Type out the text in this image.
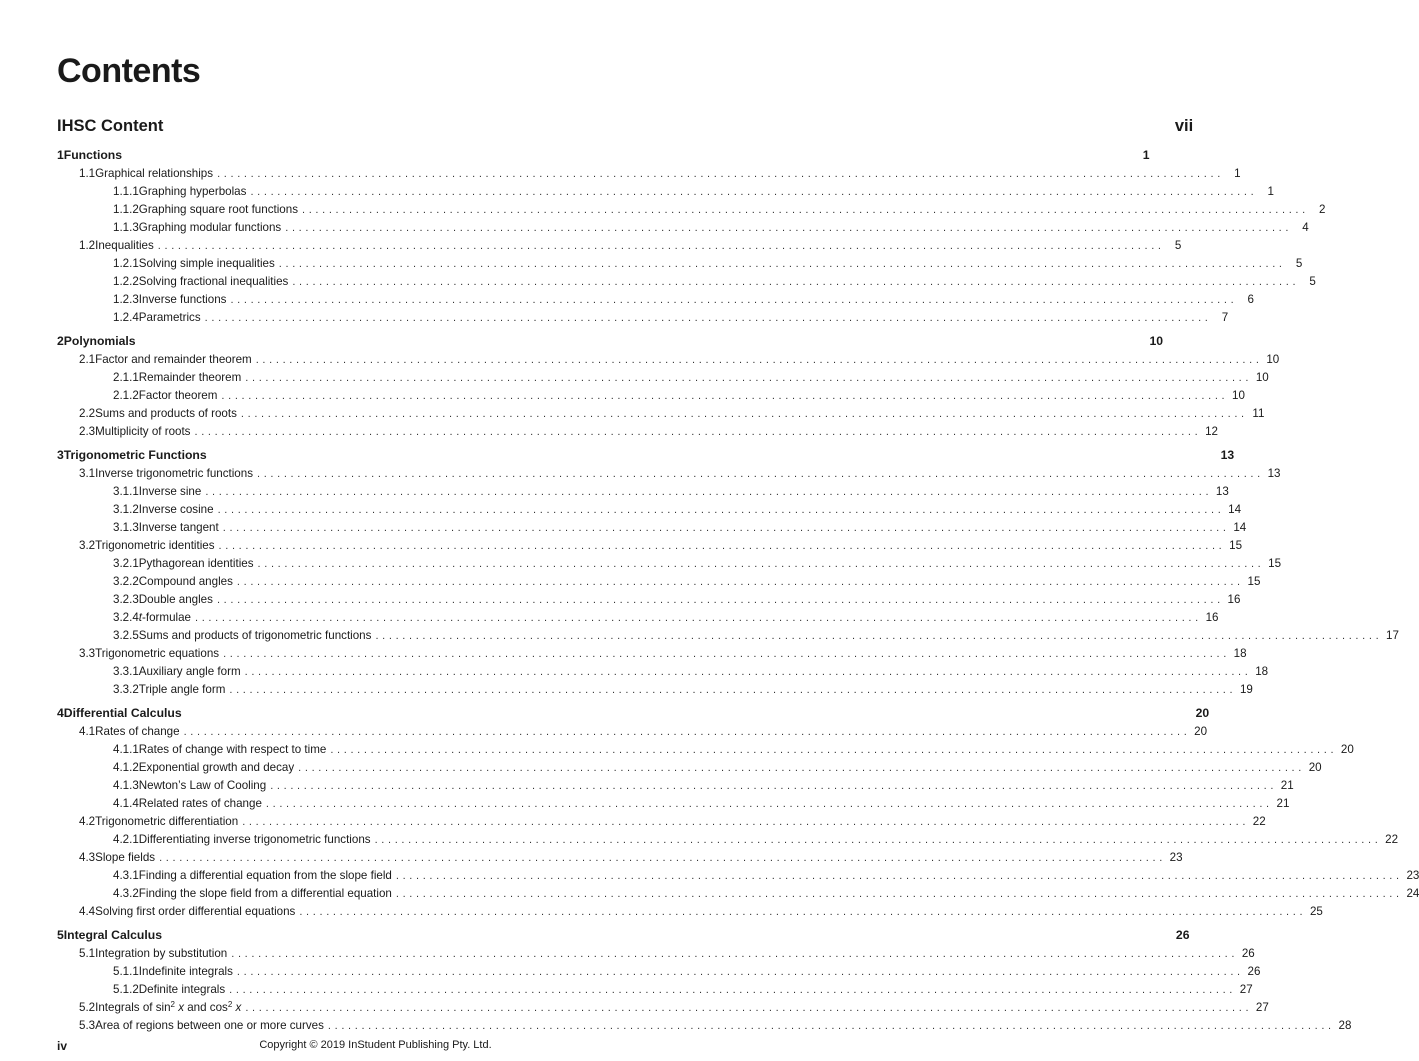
Contents
I HSC Content	vii
1 Functions	1
1.1 Graphical relationships . . . . . . . . . . . . . . . . . . . . . . . . . . . . . . . . . . . . . . . . . . . . . . . . . . . . . . . . . . . . . . . . . . . . . . . . . . . . . . . . . . . . . . . . . . . . . . . . . . . . . . . . . . . . . . . . . . . . . . . . . . . . . . . . . . . . . . . . . . . . . . . . . . . . . .	1
1.1.1 Graphing hyperbolas . . . . . . . . . . . . . . . . . . . . . . . . . . . . . . . . . . . . . . . . . . . . . . . . . . . . . . . . . . . . . . . . . . . . . . . . . . . . . . . . . . . . . . . . . . . . . . . . . . . . . . . . . . . . . . . . . . . . . . . . . . . . . . . . . . . . . . . . . . . . . . . . . . . . . .	1
1.1.2 Graphing square root functions . . . . . . . . . . . . . . . . . . . . . . . . . . . . . . . . . . . . . . . . . . . . . . . . . . . . . . . . . . . . . . . . . . . . . . . . . . . . . . . . . . . . . . . . . . . . . . . . . . . . . . . . . . . . . . . . . . . . . . . . . . . . . . . . . . . . . . . . . . . . . . . . . . . . . .	2
1.1.3 Graphing modular functions . . . . . . . . . . . . . . . . . . . . . . . . . . . . . . . . . . . . . . . . . . . . . . . . . . . . . . . . . . . . . . . . . . . . . . . . . . . . . . . . . . . . . . . . . . . . . . . . . . . . . . . . . . . . . . . . . . . . . . . . . . . . . . . . . . . . . . . . . . . . . . . . . . . . . .	4
1.2 Inequalities . . . . . . . . . . . . . . . . . . . . . . . . . . . . . . . . . . . . . . . . . . . . . . . . . . . . . . . . . . . . . . . . . . . . . . . . . . . . . . . . . . . . . . . . . . . . . . . . . . . . . . . . . . . . . . . . . . . . . . . . . . . . . . . . . . . . . . . . . . . . . . . . . . . . . .	5
1.2.1 Solving simple inequalities . . . . . . . . . . . . . . . . . . . . . . . . . . . . . . . . . . . . . . . . . . . . . . . . . . . . . . . . . . . . . . . . . . . . . . . . . . . . . . . . . . . . . . . . . . . . . . . . . . . . . . . . . . . . . . . . . . . . . . . . . . . . . . . . . . . . . . . . . . . . . . . . . . . . . .	5
1.2.2 Solving fractional inequalities . . . . . . . . . . . . . . . . . . . . . . . . . . . . . . . . . . . . . . . . . . . . . . . . . . . . . . . . . . . . . . . . . . . . . . . . . . . . . . . . . . . . . . . . . . . . . . . . . . . . . . . . . . . . . . . . . . . . . . . . . . . . . . . . . . . . . . . . . . . . . . . . . . . . . .	5
1.2.3 Inverse functions . . . . . . . . . . . . . . . . . . . . . . . . . . . . . . . . . . . . . . . . . . . . . . . . . . . . . . . . . . . . . . . . . . . . . . . . . . . . . . . . . . . . . . . . . . . . . . . . . . . . . . . . . . . . . . . . . . . . . . . . . . . . . . . . . . . . . . . . . . . . . . . . . . . . . .	6
1.2.4 Parametrics . . . . . . . . . . . . . . . . . . . . . . . . . . . . . . . . . . . . . . . . . . . . . . . . . . . . . . . . . . . . . . . . . . . . . . . . . . . . . . . . . . . . . . . . . . . . . . . . . . . . . . . . . . . . . . . . . . . . . . . . . . . . . . . . . . . . . . . . . . . . . . . . . . . . . .	7
2 Polynomials	10
2.1 Factor and remainder theorem . . . . . . . . . . . . . . . . . . . . . . . . . . . . . . . . . . . . . . . . . . . . . . . . . . . . . . . . . . . . . . . . . . . . . . . . . . . . . . . . . . . . . . . . . . . . . . . . . . . . . . . . . . . . . . . . . . . . . . . . . . . . . . . . . . . . . . . . . . . . . . . . . . . . . . 10
2.1.1 Remainder theorem . . . . . . . . . . . . . . . . . . . . . . . . . . . . . . . . . . . . . . . . . . . . . . . . . . . . . . . . . . . . . . . . . . . . . . . . . . . . . . . . . . . . . . . . . . . . . . . . . . . . . . . . . . . . . . . . . . . . . . . . . . . . . . . . . . . . . . . . . . . . . . . . . . . . . . 10
2.1.2 Factor theorem . . . . . . . . . . . . . . . . . . . . . . . . . . . . . . . . . . . . . . . . . . . . . . . . . . . . . . . . . . . . . . . . . . . . . . . . . . . . . . . . . . . . . . . . . . . . . . . . . . . . . . . . . . . . . . . . . . . . . . . . . . . . . . . . . . . . . . . . . . . . . . . . . . . . . . 10
2.2 Sums and products of roots . . . . . . . . . . . . . . . . . . . . . . . . . . . . . . . . . . . . . . . . . . . . . . . . . . . . . . . . . . . . . . . . . . . . . . . . . . . . . . . . . . . . . . . . . . . . . . . . . . . . . . . . . . . . . . . . . . . . . . . . . . . . . . . . . . . . . . . . . . . . . . . . . . . . . . 11
2.3 Multiplicity of roots . . . . . . . . . . . . . . . . . . . . . . . . . . . . . . . . . . . . . . . . . . . . . . . . . . . . . . . . . . . . . . . . . . . . . . . . . . . . . . . . . . . . . . . . . . . . . . . . . . . . . . . . . . . . . . . . . . . . . . . . . . . . . . . . . . . . . . . . . . . . . . . . . . . . . . 12
3 Trigonometric Functions	13
3.1 Inverse trigonometric functions . . . . . . . . . . . . . . . . . . . . . . . . . . . . . . . . . . . . . . . . . . . . . . . . . . . . . . . . . . . . . . . . . . . . . . . . . . . . . . . . . . . . . . . . . . . . . . . . . . . . . . . . . . . . . . . . . . . . . . . . . . . . . . . . . . . . . . . . . . . . . . . . . . . . . . 13
3.1.1 Inverse sine . . . . . . . . . . . . . . . . . . . . . . . . . . . . . . . . . . . . . . . . . . . . . . . . . . . . . . . . . . . . . . . . . . . . . . . . . . . . . . . . . . . . . . . . . . . . . . . . . . . . . . . . . . . . . . . . . . . . . . . . . . . . . . . . . . . . . . . . . . . . . . . . . . . . . . 13
3.1.2 Inverse cosine . . . . . . . . . . . . . . . . . . . . . . . . . . . . . . . . . . . . . . . . . . . . . . . . . . . . . . . . . . . . . . . . . . . . . . . . . . . . . . . . . . . . . . . . . . . . . . . . . . . . . . . . . . . . . . . . . . . . . . . . . . . . . . . . . . . . . . . . . . . . . . . . . . . . . . 14
3.1.3 Inverse tangent . . . . . . . . . . . . . . . . . . . . . . . . . . . . . . . . . . . . . . . . . . . . . . . . . . . . . . . . . . . . . . . . . . . . . . . . . . . . . . . . . . . . . . . . . . . . . . . . . . . . . . . . . . . . . . . . . . . . . . . . . . . . . . . . . . . . . . . . . . . . . . . . . . . . . . 14
3.2 Trigonometric identities . . . . . . . . . . . . . . . . . . . . . . . . . . . . . . . . . . . . . . . . . . . . . . . . . . . . . . . . . . . . . . . . . . . . . . . . . . . . . . . . . . . . . . . . . . . . . . . . . . . . . . . . . . . . . . . . . . . . . . . . . . . . . . . . . . . . . . . . . . . . . . . . . . . . . . 15
3.2.1 Pythagorean identities . . . . . . . . . . . . . . . . . . . . . . . . . . . . . . . . . . . . . . . . . . . . . . . . . . . . . . . . . . . . . . . . . . . . . . . . . . . . . . . . . . . . . . . . . . . . . . . . . . . . . . . . . . . . . . . . . . . . . . . . . . . . . . . . . . . . . . . . . . . . . . . . . . . . . . 15
3.2.2 Compound angles . . . . . . . . . . . . . . . . . . . . . . . . . . . . . . . . . . . . . . . . . . . . . . . . . . . . . . . . . . . . . . . . . . . . . . . . . . . . . . . . . . . . . . . . . . . . . . . . . . . . . . . . . . . . . . . . . . . . . . . . . . . . . . . . . . . . . . . . . . . . . . . . . . . . . . 15
3.2.3 Double angles . . . . . . . . . . . . . . . . . . . . . . . . . . . . . . . . . . . . . . . . . . . . . . . . . . . . . . . . . . . . . . . . . . . . . . . . . . . . . . . . . . . . . . . . . . . . . . . . . . . . . . . . . . . . . . . . . . . . . . . . . . . . . . . . . . . . . . . . . . . . . . . . . . . . . . 16
3.2.4 t-formulae . . . . . . . . . . . . . . . . . . . . . . . . . . . . . . . . . . . . . . . . . . . . . . . . . . . . . . . . . . . . . . . . . . . . . . . . . . . . . . . . . . . . . . . . . . . . . . . . . . . . . . . . . . . . . . . . . . . . . . . . . . . . . . . . . . . . . . . . . . . . . . . . . . . . . . 16
3.2.5 Sums and products of trigonometric functions . . . . . . . . . . . . . . . . . . . . . . . . . . . . . . . . . . . . . . . . . . . . . . . . . . . . . . . . . . . . . . . . . . . . . . . . . . . . . . . . . . . . . . . . . . . . . . . . . . . . . . . . . . . . . . . . . . . . . . . . . . . . . . . . . . . . . . . . . . . . . . . . . . . . . . 17
3.3 Trigonometric equations . . . . . . . . . . . . . . . . . . . . . . . . . . . . . . . . . . . . . . . . . . . . . . . . . . . . . . . . . . . . . . . . . . . . . . . . . . . . . . . . . . . . . . . . . . . . . . . . . . . . . . . . . . . . . . . . . . . . . . . . . . . . . . . . . . . . . . . . . . . . . . . . . . . . . . 18
3.3.1 Auxiliary angle form . . . . . . . . . . . . . . . . . . . . . . . . . . . . . . . . . . . . . . . . . . . . . . . . . . . . . . . . . . . . . . . . . . . . . . . . . . . . . . . . . . . . . . . . . . . . . . . . . . . . . . . . . . . . . . . . . . . . . . . . . . . . . . . . . . . . . . . . . . . . . . . . . . . . . . 18
3.3.2 Triple angle form . . . . . . . . . . . . . . . . . . . . . . . . . . . . . . . . . . . . . . . . . . . . . . . . . . . . . . . . . . . . . . . . . . . . . . . . . . . . . . . . . . . . . . . . . . . . . . . . . . . . . . . . . . . . . . . . . . . . . . . . . . . . . . . . . . . . . . . . . . . . . . . . . . . . . . 19
4 Differential Calculus	20
4.1 Rates of change . . . . . . . . . . . . . . . . . . . . . . . . . . . . . . . . . . . . . . . . . . . . . . . . . . . . . . . . . . . . . . . . . . . . . . . . . . . . . . . . . . . . . . . . . . . . . . . . . . . . . . . . . . . . . . . . . . . . . . . . . . . . . . . . . . . . . . . . . . . . . . . . . . . . . . 20
4.1.1 Rates of change with respect to time . . . . . . . . . . . . . . . . . . . . . . . . . . . . . . . . . . . . . . . . . . . . . . . . . . . . . . . . . . . . . . . . . . . . . . . . . . . . . . . . . . . . . . . . . . . . . . . . . . . . . . . . . . . . . . . . . . . . . . . . . . . . . . . . . . . . . . . . . . . . . . . . . . . . . . 20
4.1.2 Exponential growth and decay . . . . . . . . . . . . . . . . . . . . . . . . . . . . . . . . . . . . . . . . . . . . . . . . . . . . . . . . . . . . . . . . . . . . . . . . . . . . . . . . . . . . . . . . . . . . . . . . . . . . . . . . . . . . . . . . . . . . . . . . . . . . . . . . . . . . . . . . . . . . . . . . . . . . . . 20
4.1.3 Newton’s Law of Cooling . . . . . . . . . . . . . . . . . . . . . . . . . . . . . . . . . . . . . . . . . . . . . . . . . . . . . . . . . . . . . . . . . . . . . . . . . . . . . . . . . . . . . . . . . . . . . . . . . . . . . . . . . . . . . . . . . . . . . . . . . . . . . . . . . . . . . . . . . . . . . . . . . . . . . . 21
4.1.4 Related rates of change . . . . . . . . . . . . . . . . . . . . . . . . . . . . . . . . . . . . . . . . . . . . . . . . . . . . . . . . . . . . . . . . . . . . . . . . . . . . . . . . . . . . . . . . . . . . . . . . . . . . . . . . . . . . . . . . . . . . . . . . . . . . . . . . . . . . . . . . . . . . . . . . . . . . . . 21
4.2 Trigonometric differentiation . . . . . . . . . . . . . . . . . . . . . . . . . . . . . . . . . . . . . . . . . . . . . . . . . . . . . . . . . . . . . . . . . . . . . . . . . . . . . . . . . . . . . . . . . . . . . . . . . . . . . . . . . . . . . . . . . . . . . . . . . . . . . . . . . . . . . . . . . . . . . . . . . . . . . . 22
4.2.1 Differentiating inverse trigonometric functions . . . . . . . . . . . . . . . . . . . . . . . . . . . . . . . . . . . . . . . . . . . . . . . . . . . . . . . . . . . . . . . . . . . . . . . . . . . . . . . . . . . . . . . . . . . . . . . . . . . . . . . . . . . . . . . . . . . . . . . . . . . . . . . . . . . . . . . . . . . . . . . . . . . . . . 22
4.3 Slope fields . . . . . . . . . . . . . . . . . . . . . . . . . . . . . . . . . . . . . . . . . . . . . . . . . . . . . . . . . . . . . . . . . . . . . . . . . . . . . . . . . . . . . . . . . . . . . . . . . . . . . . . . . . . . . . . . . . . . . . . . . . . . . . . . . . . . . . . . . . . . . . . . . . . . . . 23
4.3.1 Finding a differential equation from the slope field . . . . . . . . . . . . . . . . . . . . . . . . . . . . . . . . . . . . . . . . . . . . . . . . . . . . . . . . . . . . . . . . . . . . . . . . . . . . . . . . . . . . . . . . . . . . . . . . . . . . . . . . . . . . . . . . . . . . . . . . . . . . . . . . . . . . . . . . . . . . . . . . . . . . . . 23
4.3.2 Finding the slope field from a differential equation . . . . . . . . . . . . . . . . . . . . . . . . . . . . . . . . . . . . . . . . . . . . . . . . . . . . . . . . . . . . . . . . . . . . . . . . . . . . . . . . . . . . . . . . . . . . . . . . . . . . . . . . . . . . . . . . . . . . . . . . . . . . . . . . . . . . . . . . . . . . . . . . . . . . . . 24
4.4 Solving first order differential equations . . . . . . . . . . . . . . . . . . . . . . . . . . . . . . . . . . . . . . . . . . . . . . . . . . . . . . . . . . . . . . . . . . . . . . . . . . . . . . . . . . . . . . . . . . . . . . . . . . . . . . . . . . . . . . . . . . . . . . . . . . . . . . . . . . . . . . . . . . . . . . . . . . . . . . 25
5 Integral Calculus	26
5.1 Integration by substitution . . . . . . . . . . . . . . . . . . . . . . . . . . . . . . . . . . . . . . . . . . . . . . . . . . . . . . . . . . . . . . . . . . . . . . . . . . . . . . . . . . . . . . . . . . . . . . . . . . . . . . . . . . . . . . . . . . . . . . . . . . . . . . . . . . . . . . . . . . . . . . . . . . . . . . 26
5.1.1 Indefinite integrals . . . . . . . . . . . . . . . . . . . . . . . . . . . . . . . . . . . . . . . . . . . . . . . . . . . . . . . . . . . . . . . . . . . . . . . . . . . . . . . . . . . . . . . . . . . . . . . . . . . . . . . . . . . . . . . . . . . . . . . . . . . . . . . . . . . . . . . . . . . . . . . . . . . . . . 26
5.1.2 Definite integrals . . . . . . . . . . . . . . . . . . . . . . . . . . . . . . . . . . . . . . . . . . . . . . . . . . . . . . . . . . . . . . . . . . . . . . . . . . . . . . . . . . . . . . . . . . . . . . . . . . . . . . . . . . . . . . . . . . . . . . . . . . . . . . . . . . . . . . . . . . . . . . . . . . . . . . 27
5.2 Integrals of $\sin^2 x$ and $\cos^2 x$ . . . . . . . . . . . . . . . . . . . . . . . . . . . . . . . . . . . . . . . . . . . . . . . . . . . . . . . . . . . . . . . . . . . . . . . . . . . . . . . . . . . . . . . . . . . . . . . . . . . . . . . . . . . . . . . . . . . . . . . . . . . . . . . . . . . . . . . . . . . . . . . . . . . . . . 27
5.3 Area of regions between one or more curves . . . . . . . . . . . . . . . . . . . . . . . . . . . . . . . . . . . . . . . . . . . . . . . . . . . . . . . . . . . . . . . . . . . . . . . . . . . . . . . . . . . . . . . . . . . . . . . . . . . . . . . . . . . . . . . . . . . . . . . . . . . . . . . . . . . . . . . . . . . . . . . . . . . . . . 28
iv	Copyright © 2019 InStudent Publishing Pty. Ltd.
